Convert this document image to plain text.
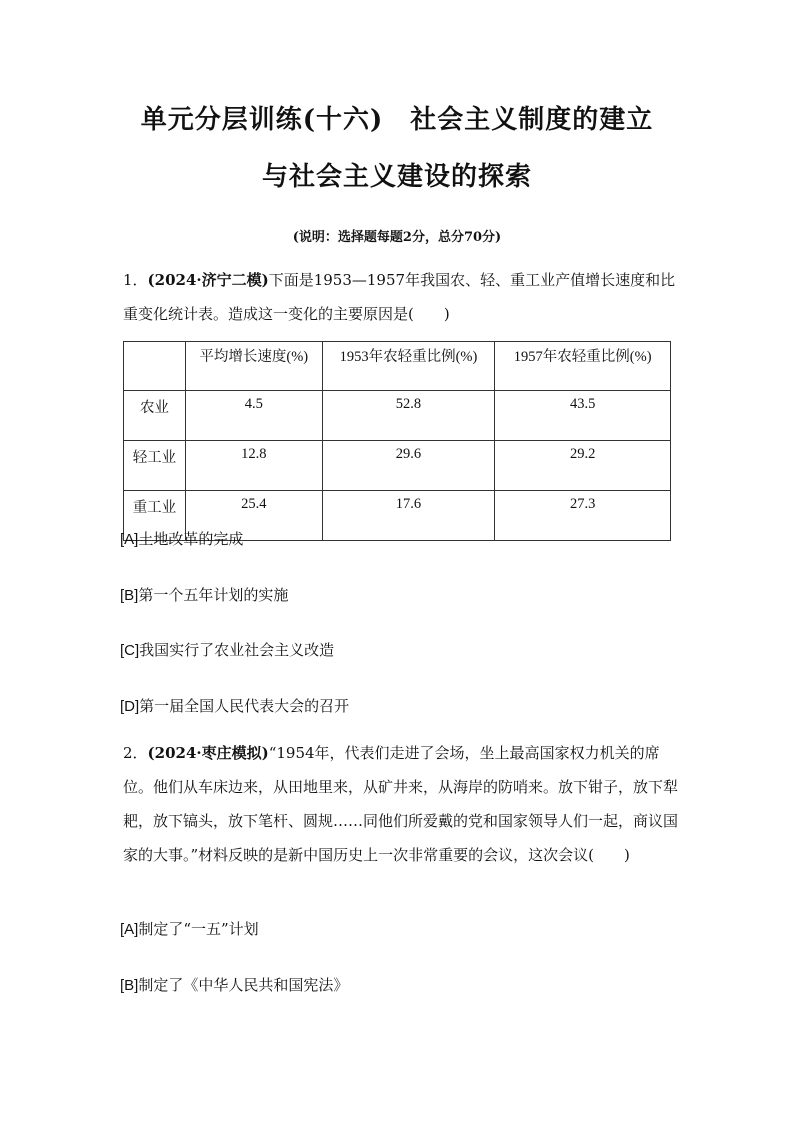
单元分层训练(十六)　社会主义制度的建立
与社会主义建设的探索
(说明：选择题每题2分，总分70分)

1．(2024·济宁二模)下面是1953—1957年我国农、轻、重工业产值增长速度和比重变化统计表。造成这一变化的主要原因是(　　)

	平均增长速度(%)	1953年农轻重比例(%)	1957年农轻重比例(%)
农业	4.5	52.8	43.5
轻工业	12.8	29.6	29.2
重工业	25.4	17.6	27.3

[A]土地改革的完成

[B]第一个五年计划的实施

[C]我国实行了农业社会主义改造

[D]第一届全国人民代表大会的召开

2．(2024·枣庄模拟)“1954年，代表们走进了会场，坐上最高国家权力机关的席位。他们从车床边来，从田地里来，从矿井来，从海岸的防哨来。放下钳子，放下犁耙，放下镐头，放下笔杆、圆规……同他们所爱戴的党和国家领导人们一起，商议国家的大事。”材料反映的是新中国历史上一次非常重要的会议，这次会议(　　)

[A]制定了“一五”计划

[B]制定了《中华人民共和国宪法》
